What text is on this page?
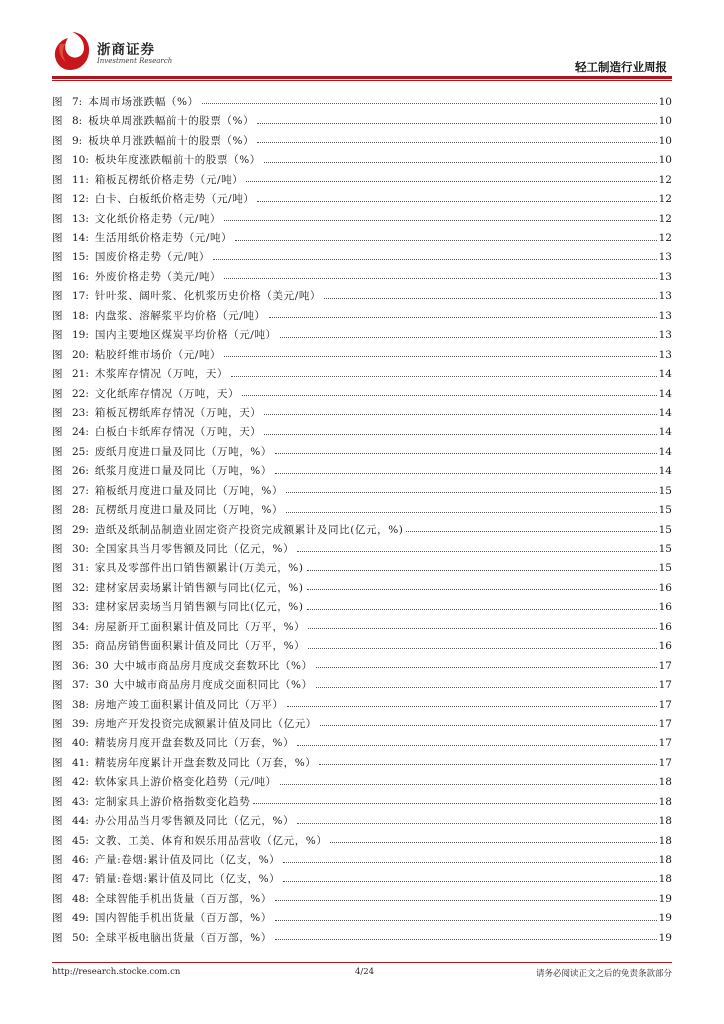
浙商证券
Investment Research	轻工制造行业周报
图 7: 本周市场涨跌幅（%）	10
图 8: 板块单周涨跌幅前十的股票（%）	10
图 9: 板块单月涨跌幅前十的股票（%）	10
图 10: 板块年度涨跌幅前十的股票（%）	10
图 11: 箱板瓦楞纸价格走势（元/吨）	12
图 12: 白卡、白板纸价格走势（元/吨）	12
图 13: 文化纸价格走势（元/吨）	12
图 14: 生活用纸价格走势（元/吨）	12
图 15: 国废价格走势（元/吨）	13
图 16: 外废价格走势（美元/吨）	13
图 17: 针叶浆、阔叶浆、化机浆历史价格（美元/吨）	13
图 18: 内盘浆、溶解浆平均价格（元/吨）	13
图 19: 国内主要地区煤炭平均价格（元/吨）	13
图 20: 粘胶纤维市场价（元/吨）	13
图 21: 木浆库存情况（万吨，天）	14
图 22: 文化纸库存情况（万吨，天）	14
图 23: 箱板瓦楞纸库存情况（万吨，天）	14
图 24: 白板白卡纸库存情况（万吨，天）	14
图 25: 废纸月度进口量及同比（万吨，%）	14
图 26: 纸浆月度进口量及同比（万吨，%）	14
图 27: 箱板纸月度进口量及同比（万吨，%）	15
图 28: 瓦楞纸月度进口量及同比（万吨，%）	15
图 29: 造纸及纸制品制造业固定资产投资完成额累计及同比(亿元，%)	15
图 30: 全国家具当月零售额及同比（亿元，%）	15
图 31: 家具及零部件出口销售额累计(万美元，%)	15
图 32: 建材家居卖场累计销售额与同比(亿元，%)	16
图 33: 建材家居卖场当月销售额与同比(亿元，%)	16
图 34: 房屋新开工面积累计值及同比（万平，%）	16
图 35: 商品房销售面积累计值及同比（万平，%）	16
图 36: 30 大中城市商品房月度成交套数环比（%）	17
图 37: 30 大中城市商品房月度成交面积同比（%）	17
图 38: 房地产竣工面积累计值及同比（万平）	17
图 39: 房地产开发投资完成额累计值及同比（亿元）	17
图 40: 精装房月度开盘套数及同比（万套，%）	17
图 41: 精装房年度累计开盘套数及同比（万套，%）	17
图 42: 软体家具上游价格变化趋势（元/吨）	18
图 43: 定制家具上游价格指数变化趋势	18
图 44: 办公用品当月零售额及同比（亿元，%）	18
图 45: 文教、工美、体育和娱乐用品营收（亿元，%）	18
图 46: 产量:卷烟:累计值及同比（亿支，%）	18
图 47: 销量:卷烟:累计值及同比（亿支，%）	18
图 48: 全球智能手机出货量（百万部，%）	19
图 49: 国内智能手机出货量（百万部，%）	19
图 50: 全球平板电脑出货量（百万部，%）	19
http://research.stocke.com.cn	4/24	请务必阅读正文之后的免责条款部分
